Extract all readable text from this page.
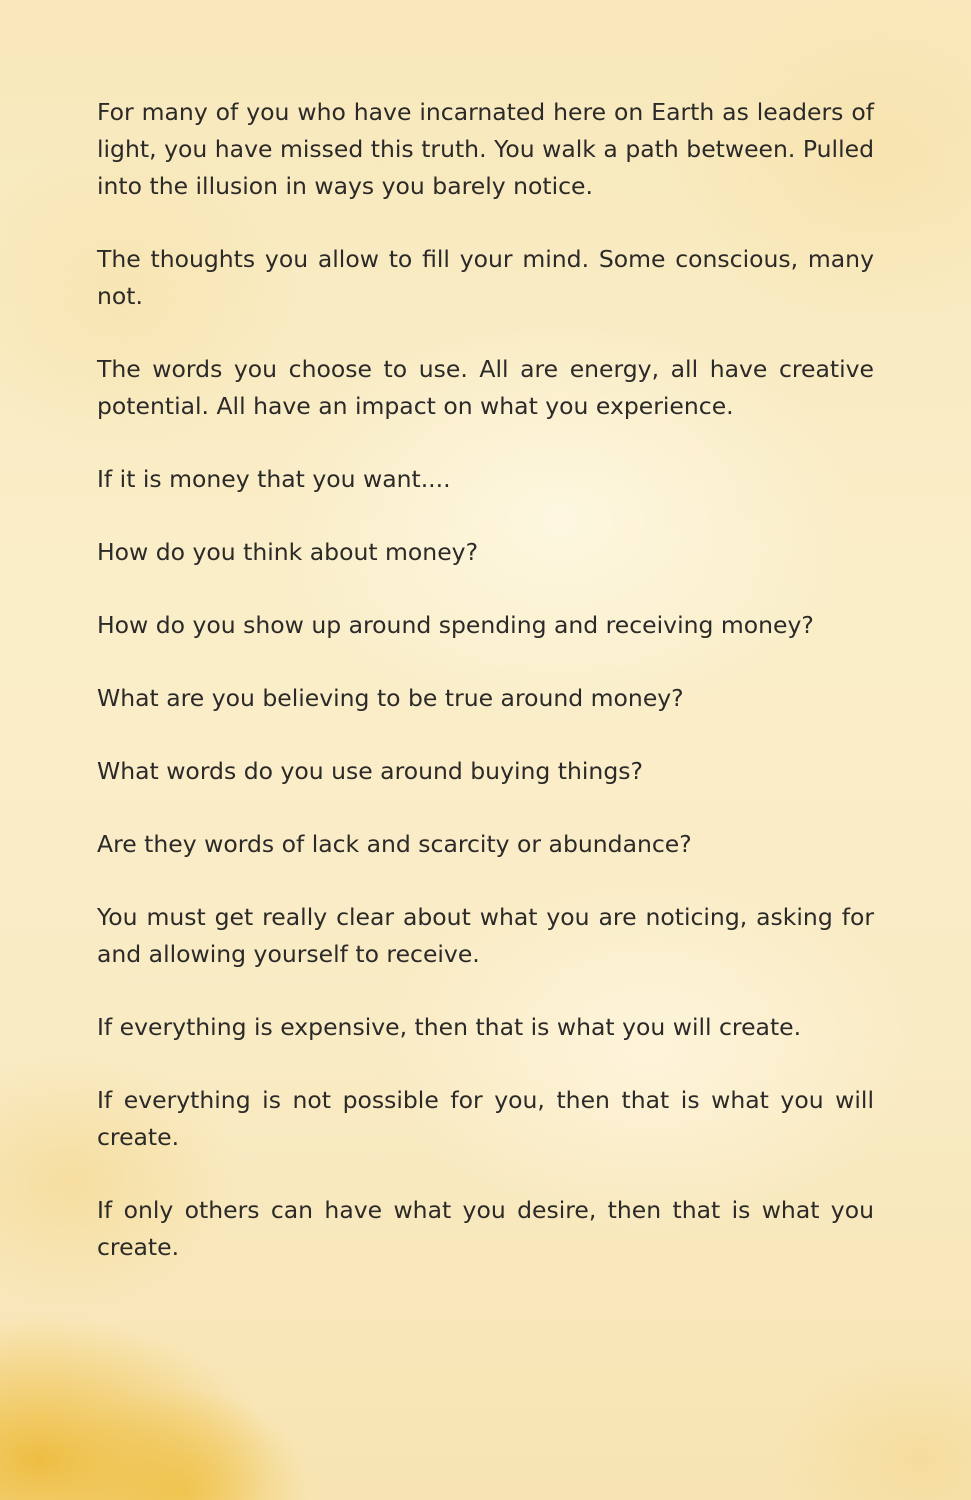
For many of you who have incarnated here on Earth as leaders of light, you have missed this truth. You walk a path between. Pulled into the illusion in ways you barely notice.

The thoughts you allow to fill your mind. Some conscious, many not.

The words you choose to use. All are energy, all have creative potential. All have an impact on what you experience.

If it is money that you want....

How do you think about money?

How do you show up around spending and receiving money?

What are you believing to be true around money?

What words do you use around buying things?

Are they words of lack and scarcity or abundance?

You must get really clear about what you are noticing, asking for and allowing yourself to receive.

If everything is expensive, then that is what you will create.

If everything is not possible for you, then that is what you will create.

If only others can have what you desire, then that is what you create.
